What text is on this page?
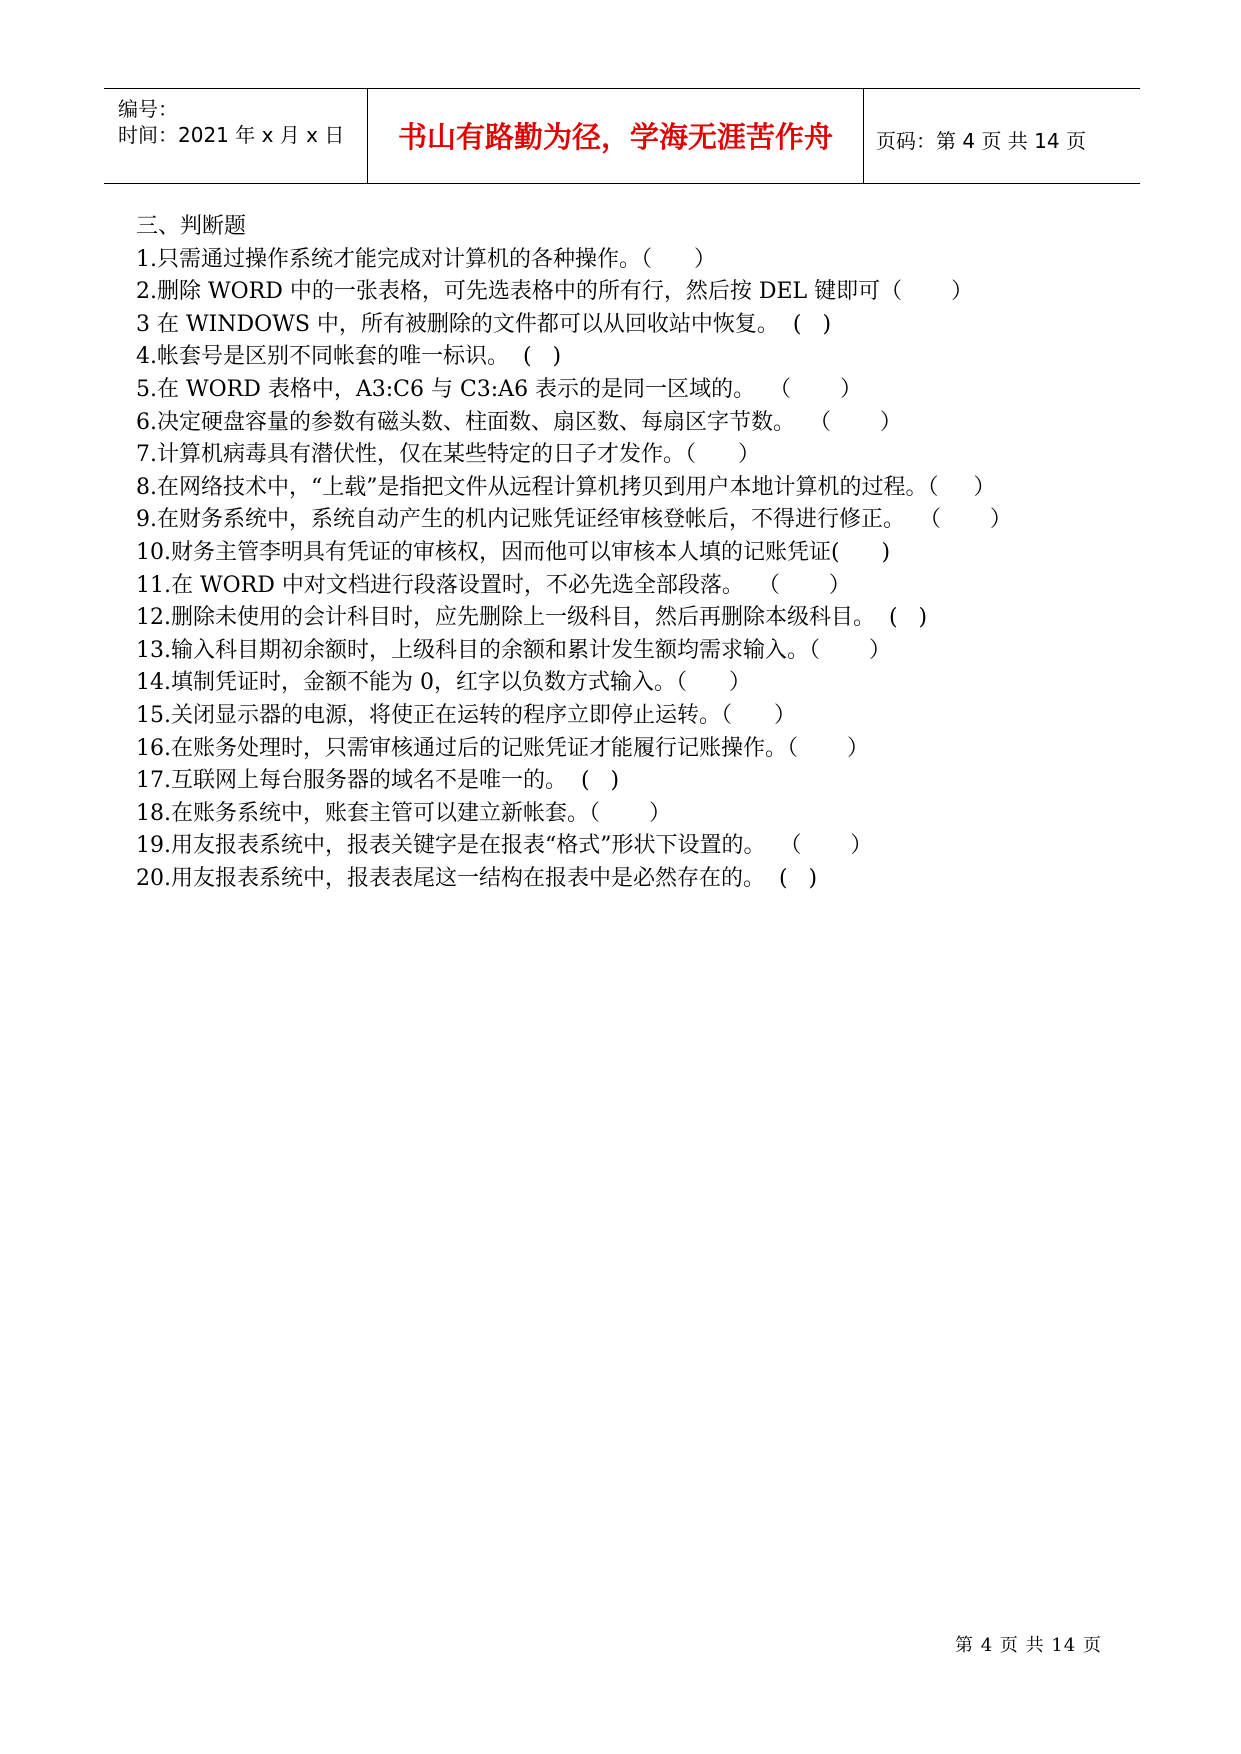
编号：
时间：2021 年 x 月 x 日	书山有路勤为径，学海无涯苦作舟	页码：第 4 页 共 14 页
三、判断题
1.只需通过操作系统才能完成对计算机的各种操作。（      ）
2.删除 WORD 中的一张表格，可先选表格中的所有行，然后按 DEL 键即可（       ）
3 在 WINDOWS 中，所有被删除的文件都可以从回收站中恢复。  (   )
4.帐套号是区别不同帐套的唯一标识。  (   )
5.在 WORD 表格中，A3:C6 与 C3:A6 表示的是同一区域的。  （       ）
6.决定硬盘容量的参数有磁头数、柱面数、扇区数、每扇区字节数。  （       ）
7.计算机病毒具有潜伏性，仅在某些特定的日子才发作。（      ）
8.在网络技术中，“上载”是指把文件从远程计算机拷贝到用户本地计算机的过程。（     ）
9.在财务系统中，系统自动产生的机内记账凭证经审核登帐后，不得进行修正。  （       ）
10.财务主管李明具有凭证的审核权，因而他可以审核本人填的记账凭证(      )
11.在 WORD 中对文档进行段落设置时，不必先选全部段落。  （       ）
12.删除未使用的会计科目时，应先删除上一级科目，然后再删除本级科目。  (   )
13.输入科目期初余额时，上级科目的余额和累计发生额均需求输入。（       ）
14.填制凭证时，金额不能为 0，红字以负数方式输入。（      ）
15.关闭显示器的电源，将使正在运转的程序立即停止运转。（      ）
16.在账务处理时，只需审核通过后的记账凭证才能履行记账操作。（       ）
17.互联网上每台服务器的域名不是唯一的。  (   )
18.在账务系统中，账套主管可以建立新帐套。（       ）
19.用友报表系统中，报表关键字是在报表“格式”形状下设置的。  （       ）
20.用友报表系统中，报表表尾这一结构在报表中是必然存在的。  (   )
第 4 页 共 14 页
